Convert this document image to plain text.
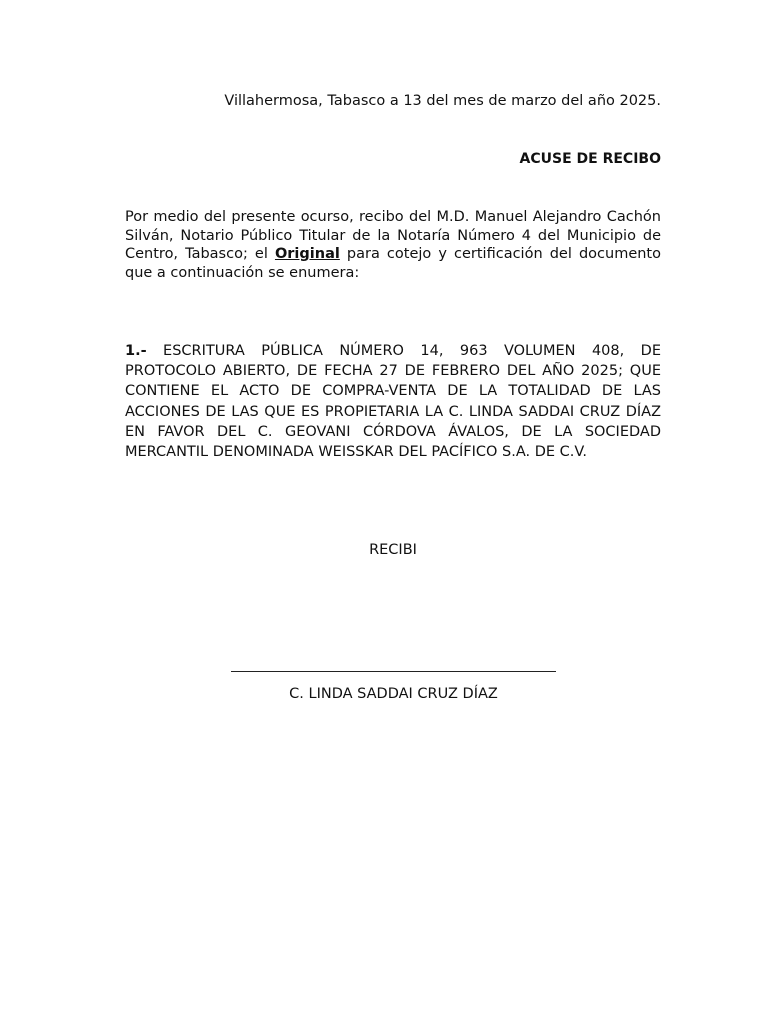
Villahermosa, Tabasco a 13 del mes de marzo del año 2025.
ACUSE DE RECIBO
Por medio del presente ocurso, recibo del M.D. Manuel Alejandro Cachón Silván, Notario Público Titular de la Notaría Número 4 del Municipio de Centro, Tabasco; el Original para cotejo y certificación del documento que a continuación se enumera:
1.- ESCRITURA PÚBLICA NÚMERO 14, 963 VOLUMEN 408, DE PROTOCOLO ABIERTO, DE FECHA 27 DE FEBRERO DEL AÑO 2025; QUE CONTIENE EL ACTO DE COMPRA-VENTA DE LA TOTALIDAD DE LAS ACCIONES DE LAS QUE ES PROPIETARIA LA C. LINDA SADDAI CRUZ DÍAZ EN FAVOR DEL C. GEOVANI CÓRDOVA ÁVALOS, DE LA SOCIEDAD MERCANTIL DENOMINADA WEISSKAR DEL PACÍFICO S.A. DE C.V.
RECIBI
C. LINDA SADDAI CRUZ DÍAZ
